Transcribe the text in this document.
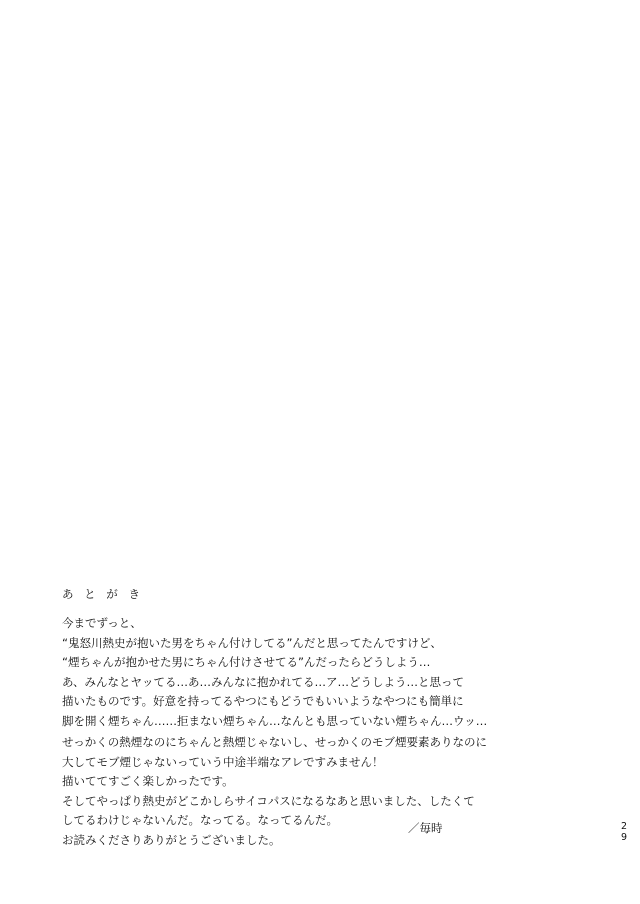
あ と が き

今までずっと、

“鬼怒川熱史が抱いた男をちゃん付けしてる”んだと思ってたんですけど、

“煙ちゃんが抱かせた男にちゃん付けさせてる”んだったらどうしよう…

あ、みんなとヤッてる…あ…みんなに抱かれてる…ア…どうしよう…と思って

描いたものです。好意を持ってるやつにもどうでもいいようなやつにも簡単に

脚を開く煙ちゃん……拒まない煙ちゃん…なんとも思っていない煙ちゃん…ウッ…

せっかくの熱煙なのにちゃんと熱煙じゃないし、せっかくのモブ煙要素ありなのに

大してモブ煙じゃないっていう中途半端なアレですみません！

描いててすごく楽しかったです。

そしてやっぱり熱史がどこかしらサイコパスになるなあと思いました、したくて

してるわけじゃないんだ。なってる。なってるんだ。

お読みくださりありがとうございました。

／毎時	2
9
